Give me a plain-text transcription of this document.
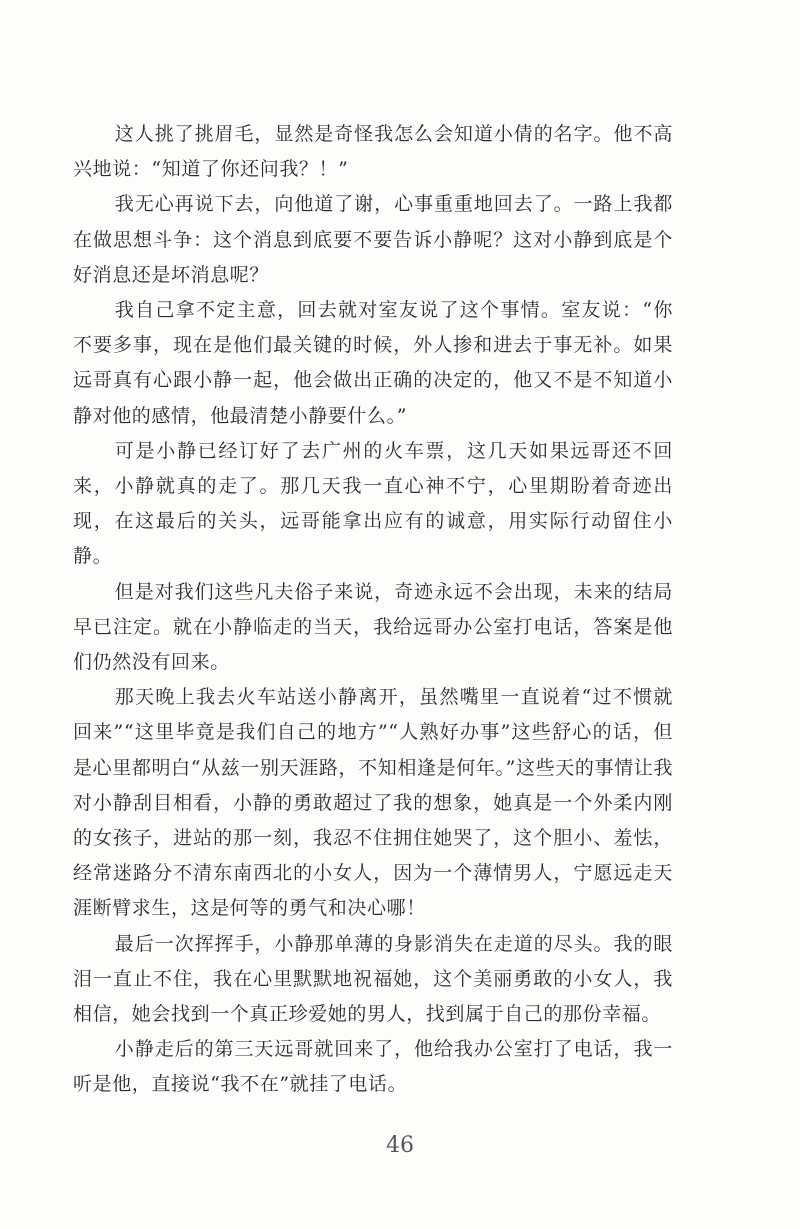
这人挑了挑眉毛，显然是奇怪我怎么会知道小倩的名字。他不高兴地说：“知道了你还问我？！”

我无心再说下去，向他道了谢，心事重重地回去了。一路上我都在做思想斗争：这个消息到底要不要告诉小静呢？这对小静到底是个好消息还是坏消息呢？

我自己拿不定主意，回去就对室友说了这个事情。室友说：“你不要多事，现在是他们最关键的时候，外人掺和进去于事无补。如果远哥真有心跟小静一起，他会做出正确的决定的，他又不是不知道小静对他的感情，他最清楚小静要什么。”

可是小静已经订好了去广州的火车票，这几天如果远哥还不回来，小静就真的走了。那几天我一直心神不宁，心里期盼着奇迹出现，在这最后的关头，远哥能拿出应有的诚意，用实际行动留住小静。

但是对我们这些凡夫俗子来说，奇迹永远不会出现，未来的结局早已注定。就在小静临走的当天，我给远哥办公室打电话，答案是他们仍然没有回来。

那天晚上我去火车站送小静离开，虽然嘴里一直说着“过不惯就回来”“这里毕竟是我们自己的地方”“人熟好办事”这些舒心的话，但是心里都明白“从兹一别天涯路，不知相逢是何年。”这些天的事情让我对小静刮目相看，小静的勇敢超过了我的想象，她真是一个外柔内刚的女孩子，进站的那一刻，我忍不住拥住她哭了，这个胆小、羞怯，经常迷路分不清东南西北的小女人，因为一个薄情男人，宁愿远走天涯断臂求生，这是何等的勇气和决心哪！

最后一次挥挥手，小静那单薄的身影消失在走道的尽头。我的眼泪一直止不住，我在心里默默地祝福她，这个美丽勇敢的小女人，我相信，她会找到一个真正珍爱她的男人，找到属于自己的那份幸福。

小静走后的第三天远哥就回来了，他给我办公室打了电话，我一听是他，直接说“我不在”就挂了电话。

46
